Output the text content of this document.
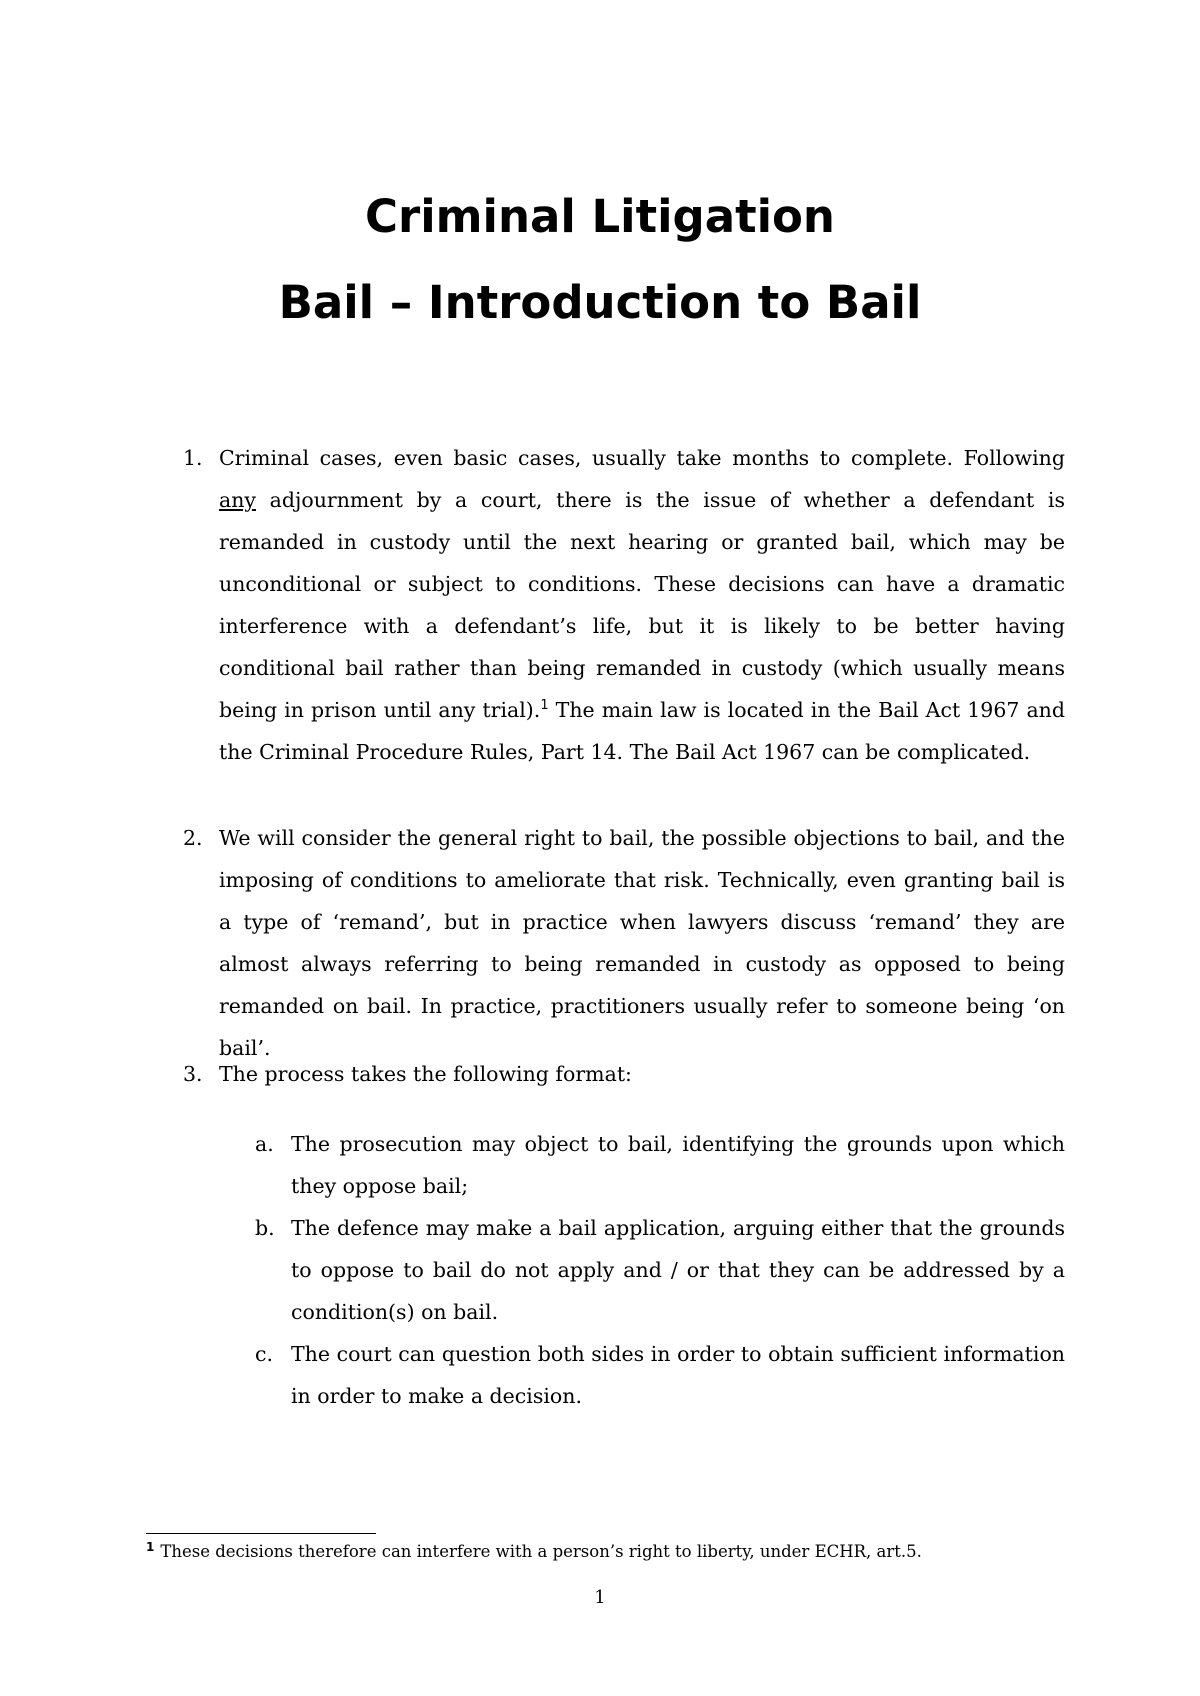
Criminal Litigation
Bail – Introduction to Bail
1. Criminal cases, even basic cases, usually take months to complete. Following any adjournment by a court, there is the issue of whether a defendant is remanded in custody until the next hearing or granted bail, which may be unconditional or subject to conditions. These decisions can have a dramatic interference with a defendant’s life, but it is likely to be better having conditional bail rather than being remanded in custody (which usually means being in prison until any trial).$^1$ The main law is located in the Bail Act 1967 and the Criminal Procedure Rules, Part 14. The Bail Act 1967 can be complicated.
2. We will consider the general right to bail, the possible objections to bail, and the imposing of conditions to ameliorate that risk. Technically, even granting bail is a type of ‘remand’, but in practice when lawyers discuss ‘remand’ they are almost always referring to being remanded in custody as opposed to being remanded on bail. In practice, practitioners usually refer to someone being ‘on bail’.
3. The process takes the following format:
a. The prosecution may object to bail, identifying the grounds upon which they oppose bail;
b. The defence may make a bail application, arguing either that the grounds to oppose to bail do not apply and / or that they can be addressed by a condition(s) on bail.
c. The court can question both sides in order to obtain sufficient information in order to make a decision.
$^1$ These decisions therefore can interfere with a person’s right to liberty, under ECHR, art.5.
1
